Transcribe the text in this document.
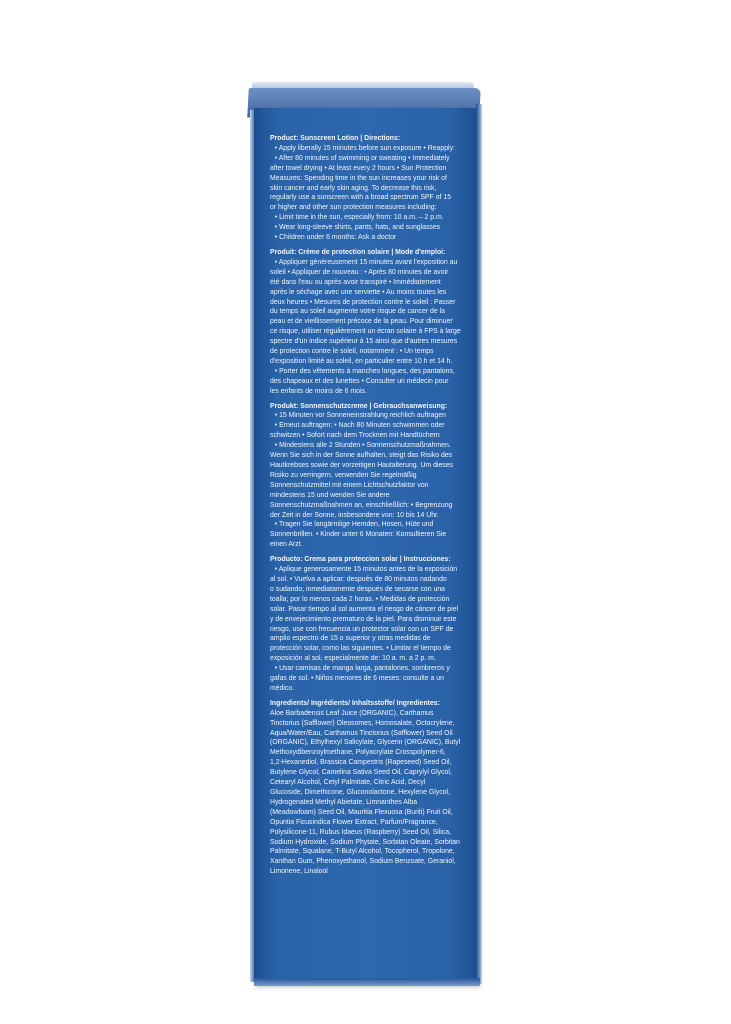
Product: Sunscreen Lotion | Directions:
• Apply liberally 15 minutes before sun exposure • Reapply:
• After 80 minutes of swimming or sweating • Immediately
after towel drying • At least every 2 hours • Sun Protection
Measures: Spending time in the sun increases your risk of
skin cancer and early skin aging. To decrease this risk,
regularly use a sunscreen with a broad spectrum SPF of 15
or higher and other sun protection measures including:
• Limit time in the sun, especially from: 10 a.m. – 2 p.m.
• Wear long-sleeve shirts, pants, hats, and sunglasses
• Children under 6 months: Ask a doctor
Produit: Crème de protection solaire | Mode d'emploi:
• Appliquer généreusement 15 minutes avant l'exposition au
soleil • Appliquer de nouveau : • Après 80 minutes de avoir
été dans l'eau ou après avoir transpiré • Immédiatement
après le séchage avec une serviette • Au moins toutes les
deux heures • Mesures de protection contre le soleil : Passer
du temps au soleil augmente votre risque de cancer de la
peau et de vieillissement précoce de la peau. Pour diminuer
ce risque, utiliser régulièrement un écran solaire à FPS à large
spectre d'un indice supérieur à 15 ainsi que d'autres mesures
de protection contre le soleil, notamment : • Un temps
d'exposition limité au soleil, en particulier entre 10 h et 14 h.
• Porter des vêtements à manches longues, des pantalons,
des chapeaux et des lunettes • Consulter un médecin pour
les enfants de moins de 6 mois.
Produkt: Sonnenschutzcreme | Gebrauchsanweisung:
• 15 Minuten vor Sonneneinstrahlung reichlich auftragen
• Erneut auftragen: • Nach 80 Minuten schwimmen oder
schwitzen • Sofort nach dem Trocknen mit Handtüchern
• Mindestens alle 2 Stunden • Sonnenschutzmaßnahmen.
Wenn Sie sich in der Sonne aufhalten, steigt das Risiko des
Hautkrebses sowie der vorzeitigen Hautalterung. Um dieses
Risiko zu verringern, verwenden Sie regelmäßig
Sonnenschutzmittel mit einem Lichtschutzfaktor von
mindestens 15 und wenden Sie andere
Sonnenschutzmaßnahmen an, einschließlich: • Begrenzung
der Zeit in der Sonne, insbesondere von: 10 bis 14 Uhr.
• Tragen Sie langärmlige Hemden, Hosen, Hüte und
Sonnenbrillen. • Kinder unter 6 Monaten: Konsultieren Sie
einen Arzt.
Producto: Crema para proteccion solar | Instrucciones:
• Aplique generosamente 15 minutos antes de la exposición
al sol. • Vuelva a aplicar: después de 80 minutos nadando
o sudando; inmediatamente después de secarse con una
toalla; por lo menos cada 2 horas. • Medidas de protección
solar. Pasar tiempo al sol aumenta el riesgo de cáncer de piel
y de envejecimiento prematuro de la piel. Para disminuir este
riesgo, use con frecuencia un protector solar con un SPF de
amplio espectro de 15 o superior y otras medidas de
protección solar, como las siguientes. • Limitar el tiempo de
exposición al sol, especialmente de: 10 a. m. a 2 p. m.
• Usar camisas de manga larga, pantalones, sombreros y
gafas de sol. • Niños menores de 6 meses: consulte a un
médico.
Ingredients/ Ingrédients/ Inhaltsstoffe/ Ingredientes:
Aloe Barbadensis Leaf Juice (ORGANIC), Carthamus
Tinctorius (Safflower) Oleosomes, Homosalate, Octocrylene,
Aqua/Water/Eau, Carthamus Tinctorius (Safflower) Seed Oil
(ORGANIC), Ethylhexyl Salicylate, Glycerin (ORGANIC), Butyl
Methoxydibenzoylmethane, Polyacrylate Crosspolymer-6,
1,2-Hexanediol, Brassica Campestris (Rapeseed) Seed Oil,
Butylene Glycol, Camelina Sativa Seed Oil, Caprylyl Glycol,
Cetearyl Alcohol, Cetyl Palmitate, Citric Acid, Decyl
Glucoside, Dimethicone, Gluconolactone, Hexylene Glycol,
Hydrogenated Methyl Abietate, Limnanthes Alba
(Meadowfoam) Seed Oil, Mauritia Flexuosa (Buriti) Fruit Oil,
Opuntia Ficusindica Flower Extract, Parfum/Fragrance,
Polysilicone-11, Rubus Idaeus (Raspberry) Seed Oil, Silica,
Sodium Hydroxide, Sodium Phytate, Sorbitan Oleate, Sorbitan
Palmitate, Squalane, T-Butyl Alcohol, Tocopherol, Tropolone,
Xanthan Gum, Phenoxyethanol, Sodium Benzoate, Geraniol,
Limonene, Linalool
